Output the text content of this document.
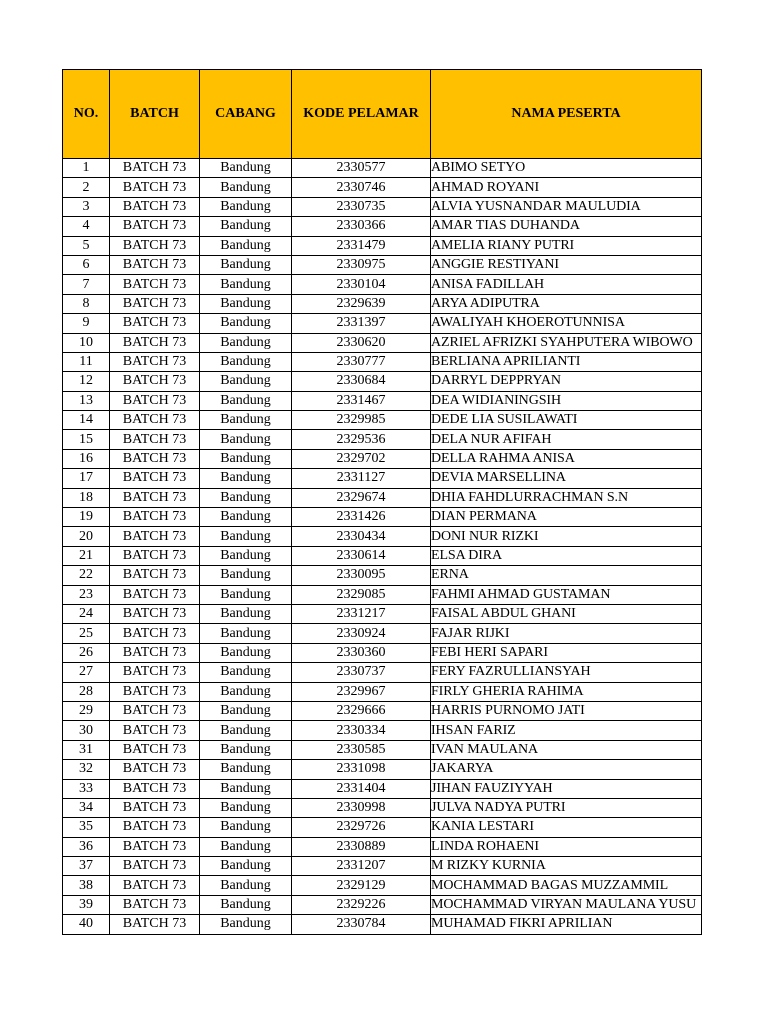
NO.	BATCH	CABANG	KODE PELAMAR	NAMA PESERTA
1	BATCH 73	Bandung	2330577	ABIMO SETYO
2	BATCH 73	Bandung	2330746	AHMAD ROYANI
3	BATCH 73	Bandung	2330735	ALVIA YUSNANDAR MAULUDIA
4	BATCH 73	Bandung	2330366	AMAR TIAS DUHANDA
5	BATCH 73	Bandung	2331479	AMELIA RIANY PUTRI
6	BATCH 73	Bandung	2330975	ANGGIE RESTIYANI
7	BATCH 73	Bandung	2330104	ANISA FADILLAH
8	BATCH 73	Bandung	2329639	ARYA ADIPUTRA
9	BATCH 73	Bandung	2331397	AWALIYAH KHOEROTUNNISA
10	BATCH 73	Bandung	2330620	AZRIEL AFRIZKI SYAHPUTERA WIBOWO
11	BATCH 73	Bandung	2330777	BERLIANA APRILIANTI
12	BATCH 73	Bandung	2330684	DARRYL DEPPRYAN
13	BATCH 73	Bandung	2331467	DEA WIDIANINGSIH
14	BATCH 73	Bandung	2329985	DEDE LIA SUSILAWATI
15	BATCH 73	Bandung	2329536	DELA NUR AFIFAH
16	BATCH 73	Bandung	2329702	DELLA RAHMA ANISA
17	BATCH 73	Bandung	2331127	DEVIA MARSELLINA
18	BATCH 73	Bandung	2329674	DHIA FAHDLURRACHMAN S.N
19	BATCH 73	Bandung	2331426	DIAN PERMANA
20	BATCH 73	Bandung	2330434	DONI NUR RIZKI
21	BATCH 73	Bandung	2330614	ELSA DIRA
22	BATCH 73	Bandung	2330095	ERNA
23	BATCH 73	Bandung	2329085	FAHMI AHMAD GUSTAMAN
24	BATCH 73	Bandung	2331217	FAISAL ABDUL GHANI
25	BATCH 73	Bandung	2330924	FAJAR RIJKI
26	BATCH 73	Bandung	2330360	FEBI HERI SAPARI
27	BATCH 73	Bandung	2330737	FERY FAZRULLIANSYAH
28	BATCH 73	Bandung	2329967	FIRLY GHERIA RAHIMA
29	BATCH 73	Bandung	2329666	HARRIS PURNOMO JATI
30	BATCH 73	Bandung	2330334	IHSAN FARIZ
31	BATCH 73	Bandung	2330585	IVAN MAULANA
32	BATCH 73	Bandung	2331098	JAKARYA
33	BATCH 73	Bandung	2331404	JIHAN FAUZIYYAH
34	BATCH 73	Bandung	2330998	JULVA NADYA PUTRI
35	BATCH 73	Bandung	2329726	KANIA LESTARI
36	BATCH 73	Bandung	2330889	LINDA ROHAENI
37	BATCH 73	Bandung	2331207	M RIZKY KURNIA
38	BATCH 73	Bandung	2329129	MOCHAMMAD BAGAS MUZZAMMIL
39	BATCH 73	Bandung	2329226	MOCHAMMAD VIRYAN MAULANA YUSU
40	BATCH 73	Bandung	2330784	MUHAMAD FIKRI APRILIAN
